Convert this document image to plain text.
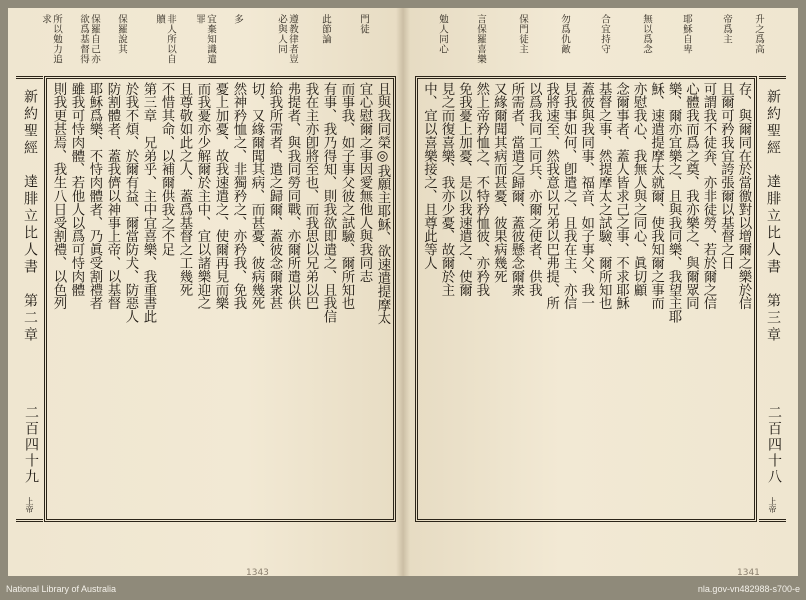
所以勉力追求	保羅自己亦欲爲基督得	保羅說其	非人所以自贖	宜棄知識遣罪	多	遵教律者豈必與人同	此節論	門徒
新約聖經　達腓立比人書　第二章
二百四十九
上帝
且與我同榮◎我願主耶穌、欲速遣提摩太
宜心慰爾之事因愛無他人與我同志
而事我、如子事父彼之試驗、爾所知也
有事、我乃得知、則我欲即遣之、且我信
我在主亦卽將至也、而我思以兄弟以巴
弗提者、與我同勞同戰、亦爾所遣以供
給我所需者、遣之歸爾、蓋彼念爾衆甚
切、又緣爾聞其病、而甚憂、彼病幾死
然神矜恤之、非獨矜之、亦矜我、免我
憂上加憂、故我速遣之、使爾再見而樂
而我憂亦少解爾於主中、宜以諸樂迎之
且尊敬如此之人、蓋爲基督之工幾死
不惜其命、以補爾供我之不足
第三章　兄弟乎、主中宜喜樂、我重書此
於我不煩、於爾有益、爾當防犬、防惡人
防割體者、蓋我儕以神事上帝、以基督
耶穌爲樂、不恃肉體者、乃眞受割禮者
雖我可恃肉體、若他人以爲可恃肉體
則我更甚焉、我生八日受割禮、以色列
1343
勉人同心	言保羅喜樂	保門徒主	勿爲仇敵	合宜持守	無以爲念	耶穌自卑	帝爲主 升之爲高
存、與爾同在於當徼對以增爾之樂於信
且爾可矜我宜誇張爾以基督之日
可謂我不徒奔、亦非徒勞、若於爾之信
心體我而爲之奠、我亦樂之、與爾眾同
樂、爾亦宜樂之、且與我同樂、我望主耶
穌、速遣提摩太就爾、使我知爾之事而
亦慰我心、我無人與之同心、眞切顧
念爾事者、蓋人皆求己之事、不求耶穌
基督之事、然提摩太之試驗、爾所知也
蓋彼與我同事、福音、如子事父、我一
見我事如何、卽遣之、且我在主、亦信
我將速至、然我意以兄弟以巴弗提、所
以爲我同工同兵、亦爾之使者、供我
所需者、當遣之歸爾、蓋彼懸念爾衆
又緣爾聞其病而甚憂、彼果病幾死
然上帝矜恤之、不特矜恤彼、亦矜我
免我憂上加憂、是以我速遣之、使爾
見之而復喜樂、我亦少憂、故爾於主
中、宜以喜樂接之、且尊此等人	新約聖經　達腓立比人書　第三章
二百四十八
上帝
1341
National Library of Australia	nla.gov-vn482988-s700-e
